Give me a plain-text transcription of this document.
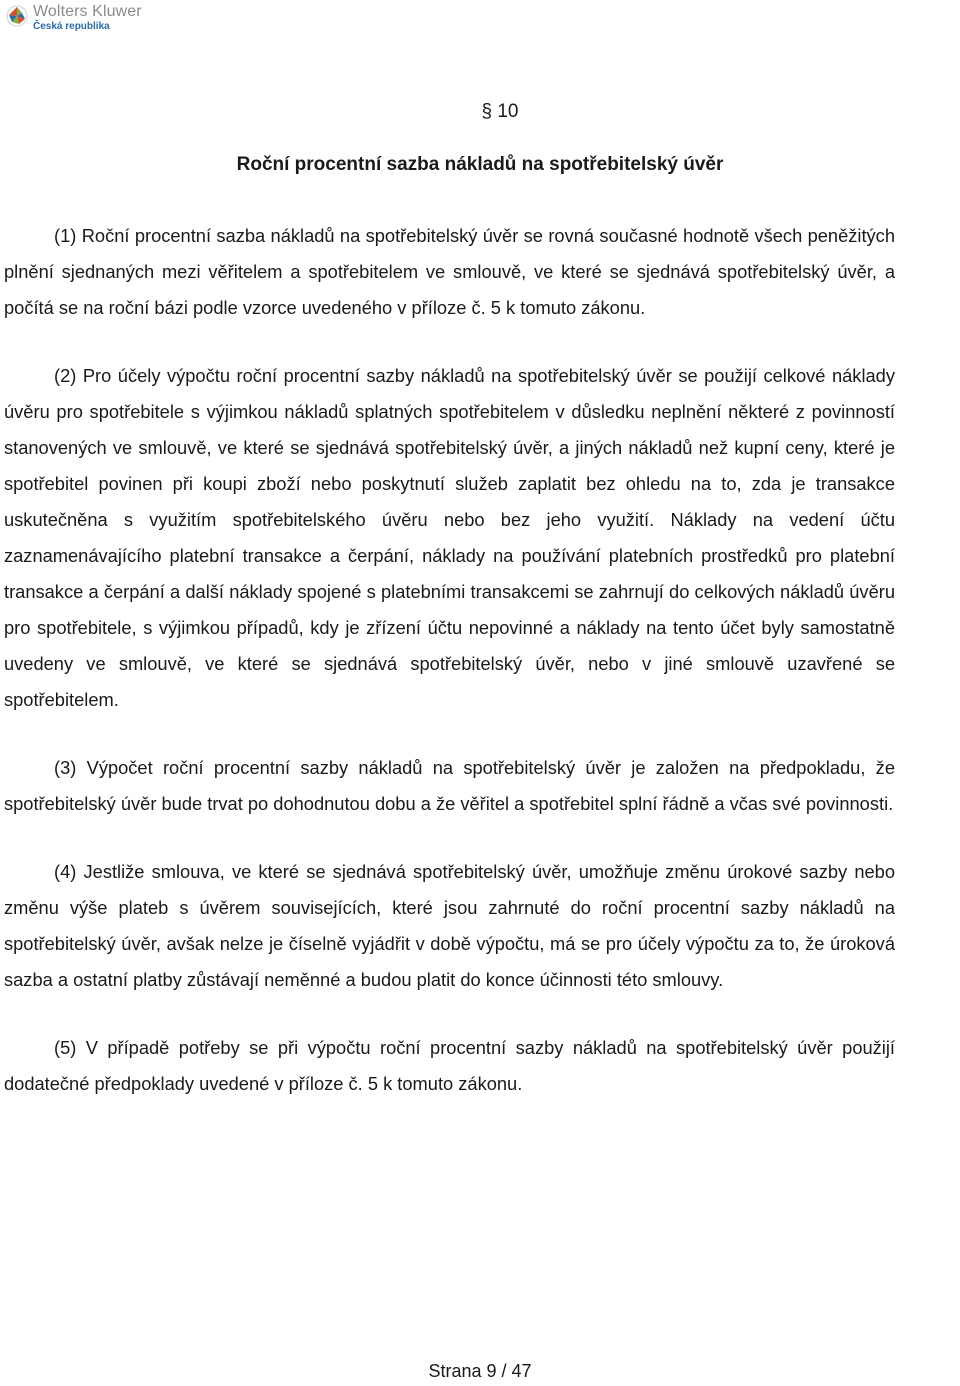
Wolters Kluwer
Česká republika
§ 10
Roční procentní sazba nákladů na spotřebitelský úvěr

(1) Roční procentní sazba nákladů na spotřebitelský úvěr se rovná současné hodnotě všech peněžitých plnění sjednaných mezi věřitelem a spotřebitelem ve smlouvě, ve které se sjednává spotřebitelský úvěr, a počítá se na roční bázi podle vzorce uvedeného v příloze č. 5 k tomuto zákonu.

(2) Pro účely výpočtu roční procentní sazby nákladů na spotřebitelský úvěr se použijí celkové náklady úvěru pro spotřebitele s výjimkou nákladů splatných spotřebitelem v důsledku neplnění některé z povinností stanovených ve smlouvě, ve které se sjednává spotřebitelský úvěr, a jiných nákladů než kupní ceny, které je spotřebitel povinen při koupi zboží nebo poskytnutí služeb zaplatit bez ohledu na to, zda je transakce uskutečněna s využitím spotřebitelského úvěru nebo bez jeho využití. Náklady na vedení účtu zaznamenávajícího platební transakce a čerpání, náklady na používání platebních prostředků pro platební transakce a čerpání a další náklady spojené s platebními transakcemi se zahrnují do celkových nákladů úvěru pro spotřebitele, s výjimkou případů, kdy je zřízení účtu nepovinné a náklady na tento účet byly samostatně uvedeny ve smlouvě, ve které se sjednává spotřebitelský úvěr, nebo v jiné smlouvě uzavřené se spotřebitelem.

(3) Výpočet roční procentní sazby nákladů na spotřebitelský úvěr je založen na předpokladu, že spotřebitelský úvěr bude trvat po dohodnutou dobu a že věřitel a spotřebitel splní řádně a včas své povinnosti.

(4) Jestliže smlouva, ve které se sjednává spotřebitelský úvěr, umožňuje změnu úrokové sazby nebo změnu výše plateb s úvěrem souvisejících, které jsou zahrnuté do roční procentní sazby nákladů na spotřebitelský úvěr, avšak nelze je číselně vyjádřit v době výpočtu, má se pro účely výpočtu za to, že úroková sazba a ostatní platby zůstávají neměnné a budou platit do konce účinnosti této smlouvy.

(5) V případě potřeby se při výpočtu roční procentní sazby nákladů na spotřebitelský úvěr použijí dodatečné předpoklady uvedené v příloze č. 5 k tomuto zákonu.

Strana 9 / 47
